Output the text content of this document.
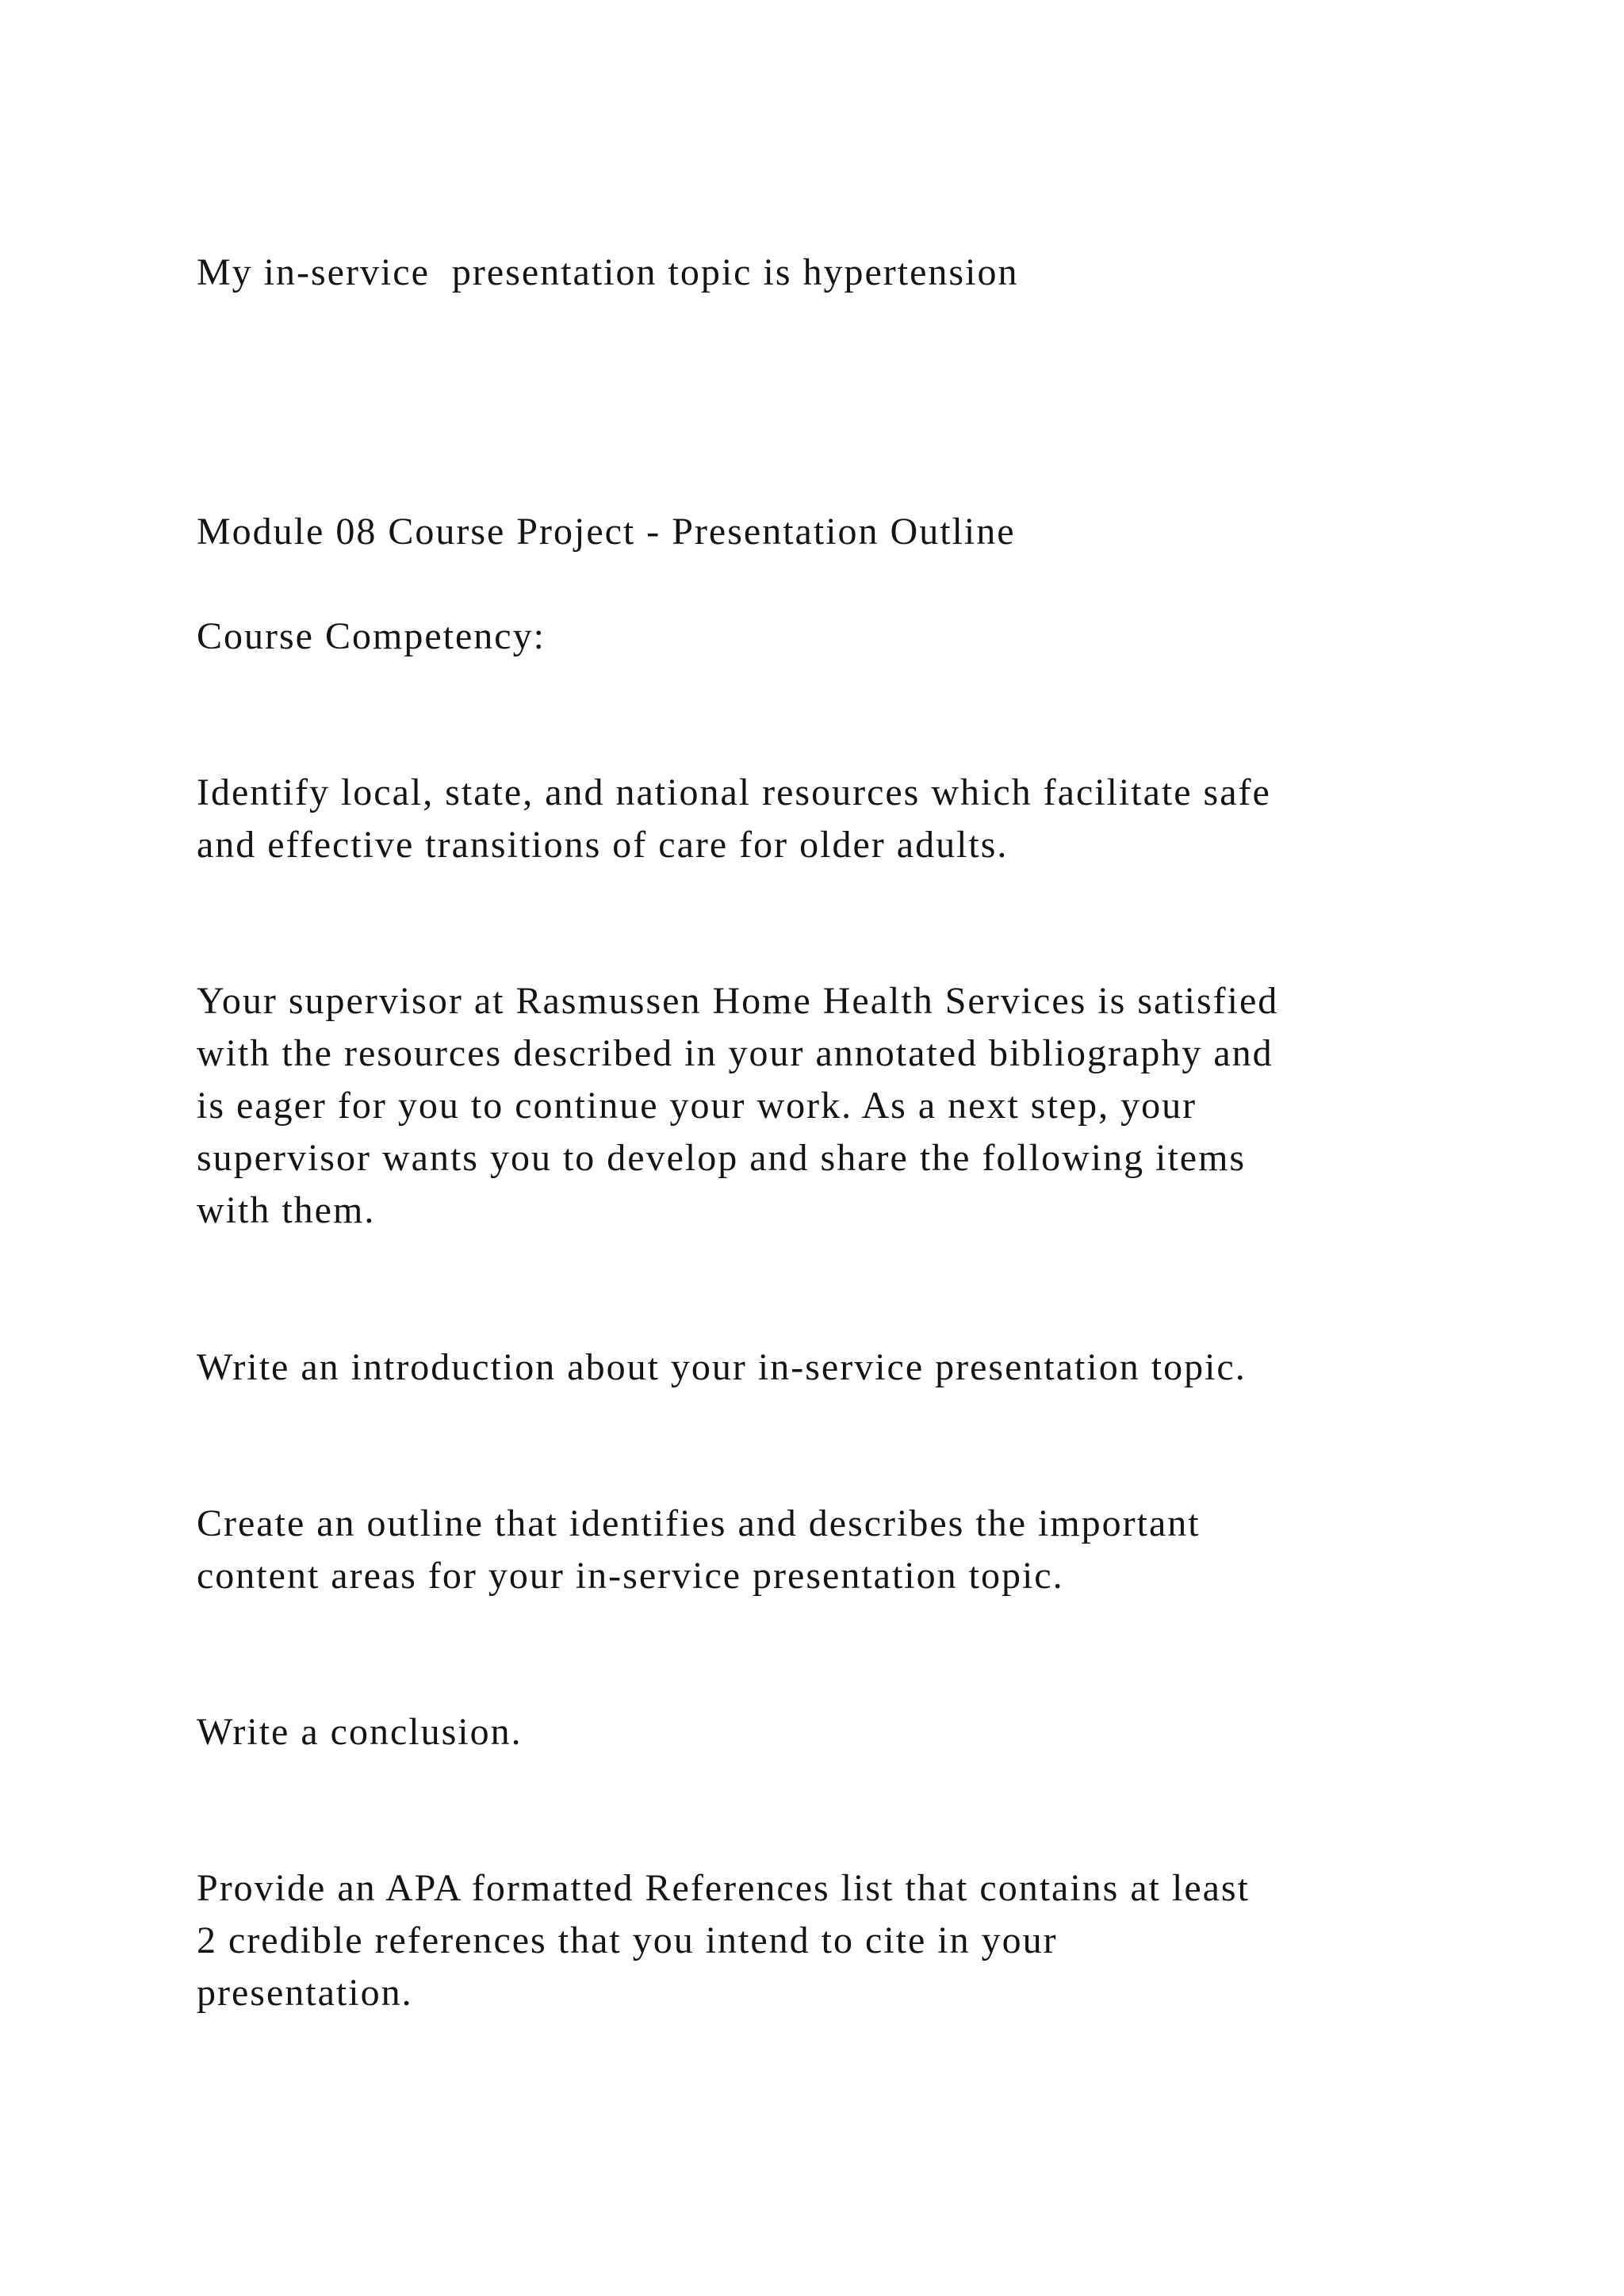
My in-service  presentation topic is hypertension

Module 08 Course Project - Presentation Outline

Course Competency:

Identify local, state, and national resources which facilitate safe
and effective transitions of care for older adults.

Your supervisor at Rasmussen Home Health Services is satisfied
with the resources described in your annotated bibliography and
is eager for you to continue your work. As a next step, your
supervisor wants you to develop and share the following items
with them.

Write an introduction about your in-service presentation topic.

Create an outline that identifies and describes the important
content areas for your in-service presentation topic.

Write a conclusion.

Provide an APA formatted References list that contains at least
2 credible references that you intend to cite in your
presentation.
